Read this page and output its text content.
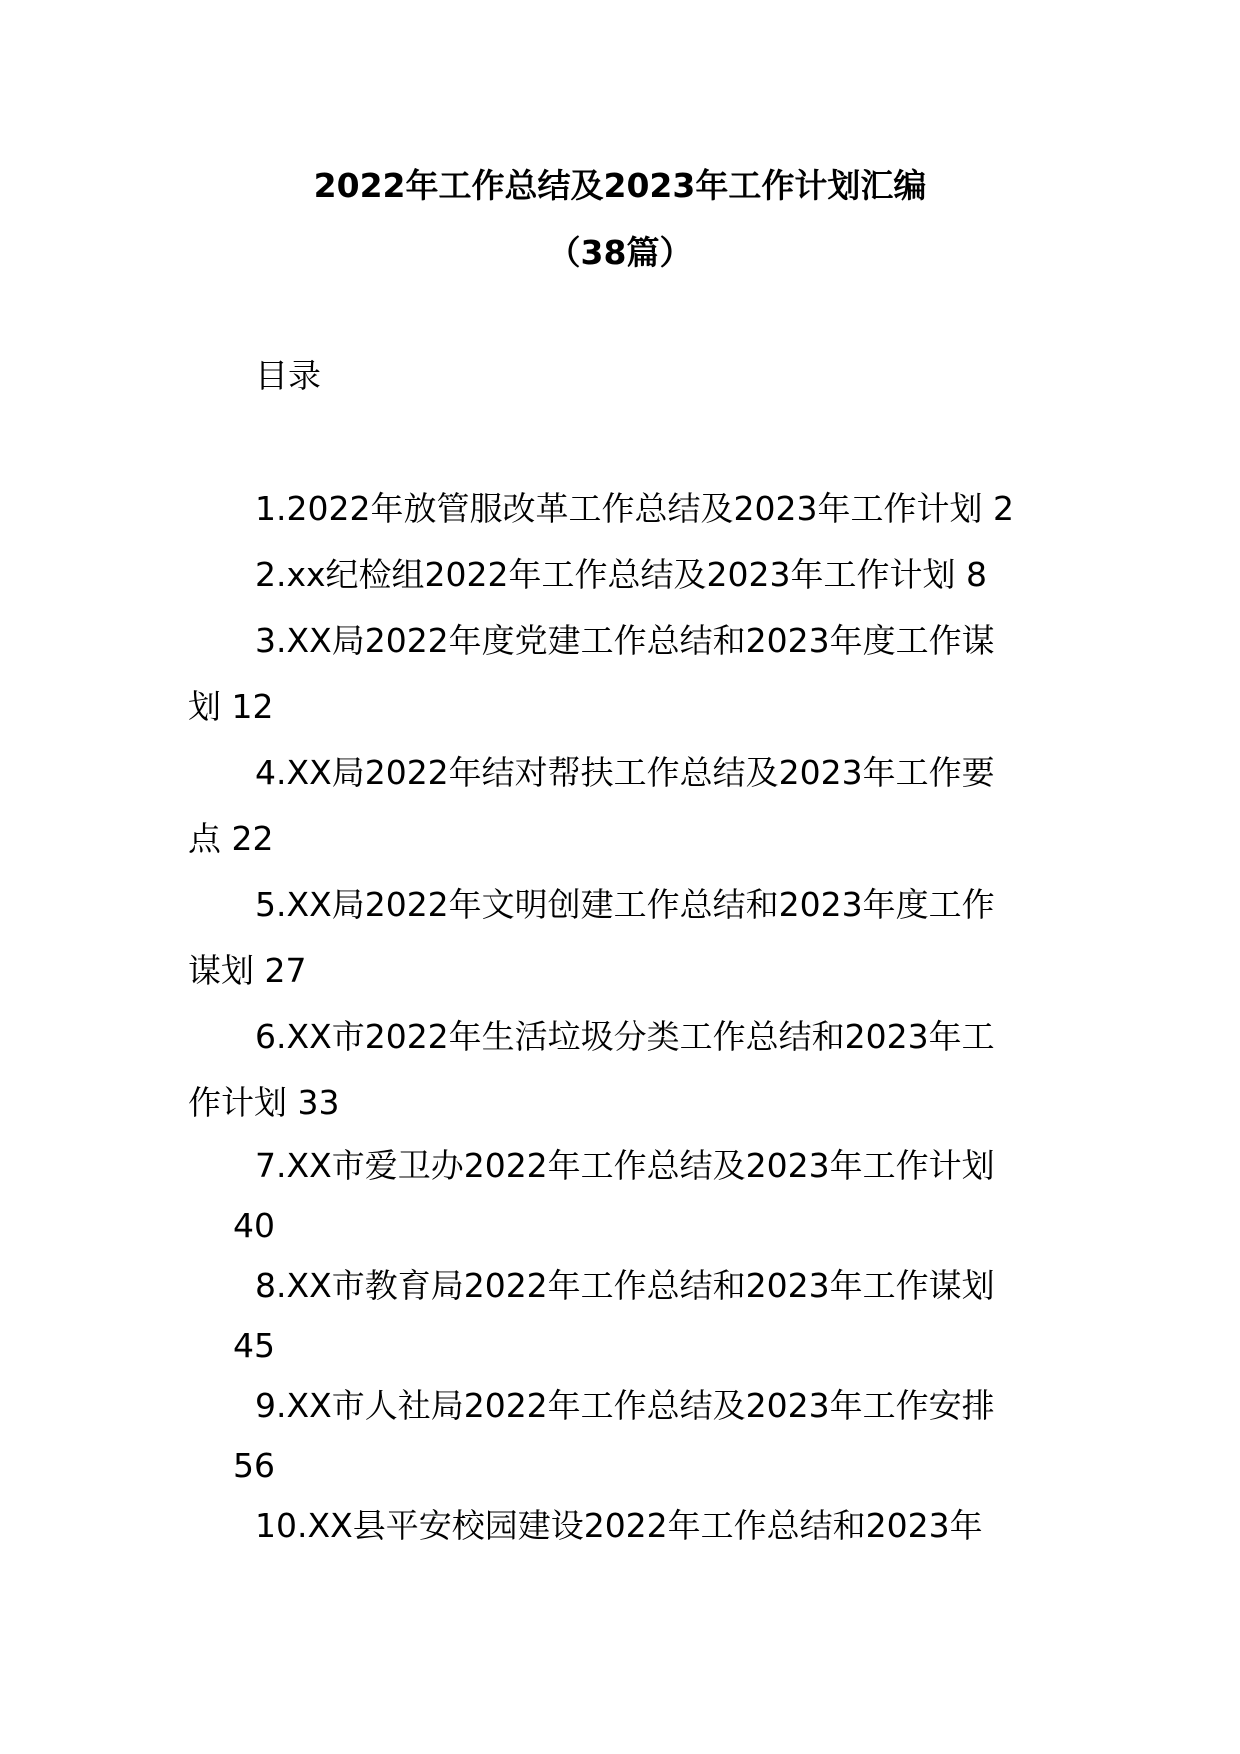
2022年工作总结及2023年工作计划汇编
（38篇）
目录
1.2022年放管服改革工作总结及2023年工作计划 2
2.xx纪检组2022年工作总结及2023年工作计划 8
3.XX局2022年度党建工作总结和2023年度工作谋
划 12
4.XX局2022年结对帮扶工作总结及2023年工作要
点 22
5.XX局2022年文明创建工作总结和2023年度工作
谋划 27
6.XX市2022年生活垃圾分类工作总结和2023年工
作计划 33
7.XX市爱卫办2022年工作总结及2023年工作计划
40
8.XX市教育局2022年工作总结和2023年工作谋划
45
9.XX市人社局2022年工作总结及2023年工作安排
56
10.XX县平安校园建设2022年工作总结和2023年
